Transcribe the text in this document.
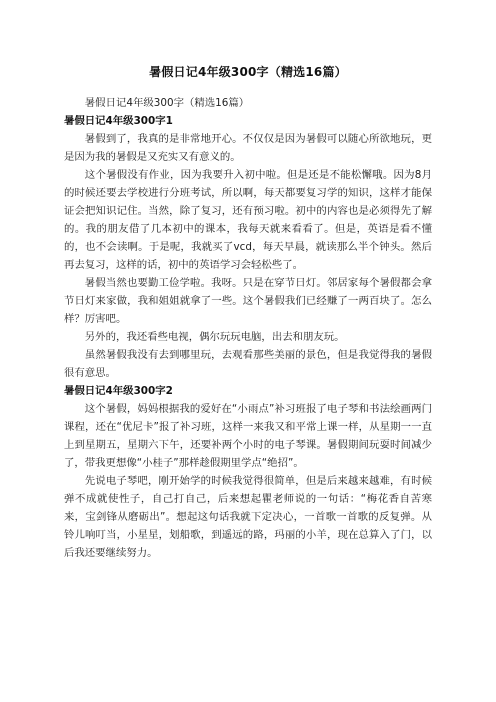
暑假日记4年级300字（精选16篇）

暑假日记4年级300字（精选16篇）

暑假日记4年级300字1

暑假到了，我真的是非常地开心。不仅仅是因为暑假可以随心所欲地玩，更是因为我的暑假是又充实又有意义的。

这个暑假没有作业，因为我要升入初中啦。但是还是不能松懈哦。因为8月的时候还要去学校进行分班考试，所以啊，每天都要复习学的知识，这样才能保证会把知识记住。当然，除了复习，还有预习啦。初中的内容也是必须得先了解的。我的朋友借了几本初中的课本，我每天就来看看了。但是，英语是看不懂的，也不会读啊。于是呢，我就买了vcd，每天早晨，就读那么半个钟头。然后再去复习，这样的话，初中的英语学习会轻松些了。

暑假当然也要勤工俭学啦。我呀。只是在穿节日灯。邻居家每个暑假都会拿节日灯来家做，我和姐姐就拿了一些。这个暑假我们已经赚了一两百块了。怎么样？厉害吧。

另外的，我还看些电视，偶尔玩玩电脑，出去和朋友玩。

虽然暑假我没有去到哪里玩，去观看那些美丽的景色，但是我觉得我的暑假很有意思。

暑假日记4年级300字2

这个暑假，妈妈根据我的爱好在“小雨点”补习班报了电子琴和书法绘画两门课程，还在“优尼卡”报了补习班，这样一来我又和平常上课一样，从星期一一直上到星期五，星期六下午，还要补两个小时的电子琴课。暑假期间玩耍时间减少了，带我更想像“小桂子”那样趁假期里学点“绝招”。

先说电子琴吧，刚开始学的时候我觉得很简单，但是后来越来越难，有时候弹不成就使性子，自己打自己，后来想起瞿老师说的一句话：“梅花香自苦寒来，宝剑锋从磨砺出”。想起这句话我就下定决心，一首歌一首歌的反复弹。从铃儿响叮当，小星星，划船歌，到遥远的路，玛丽的小羊，现在总算入了门，以后我还要继续努力。
